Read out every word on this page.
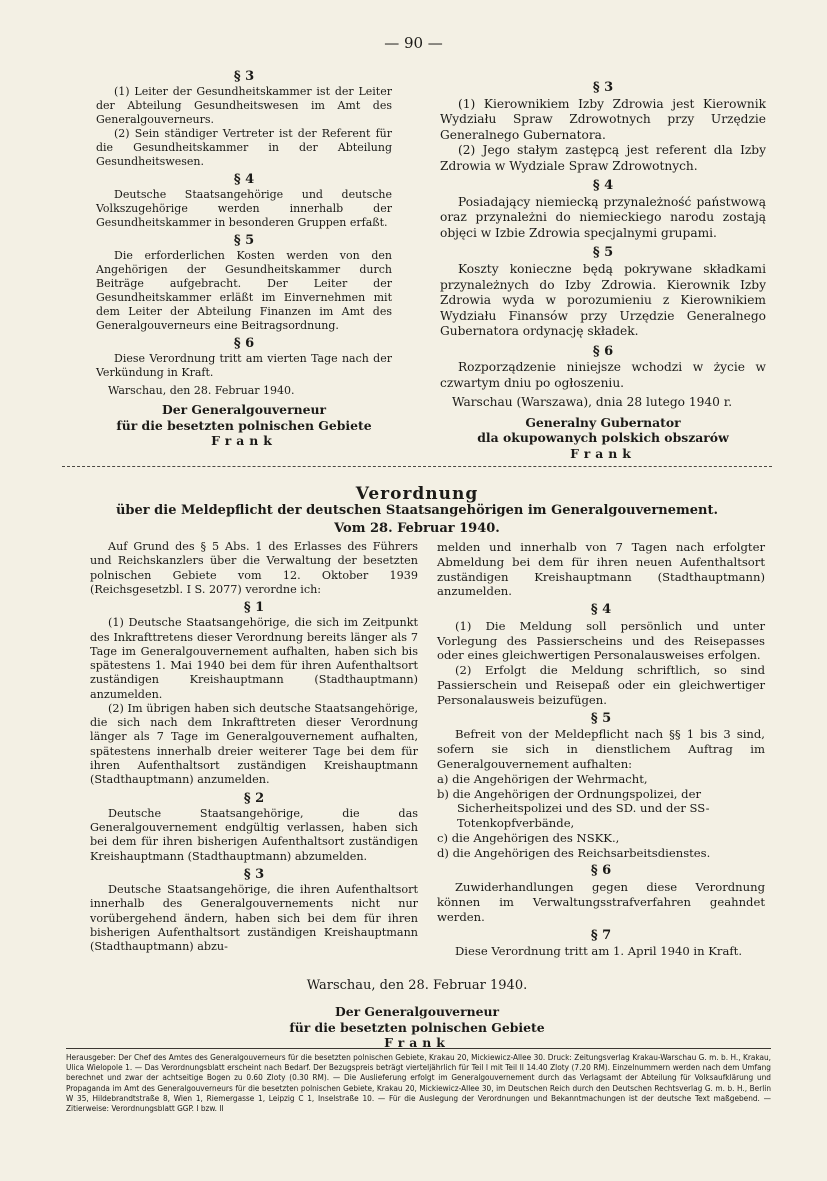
— 90 —
§ 3

(1) Leiter der Gesundheitskammer ist der Leiter der Abteilung Gesundheitswesen im Amt des Generalgouverneurs.

(2) Sein ständiger Vertreter ist der Referent für die Gesundheitskammer in der Abteilung Gesundheitswesen.

§ 4

Deutsche Staatsangehörige und deutsche Volkszugehörige werden innerhalb der Gesundheitskammer in besonderen Gruppen erfaßt.

§ 5

Die erforderlichen Kosten werden von den Angehörigen der Gesundheitskammer durch Beiträge aufgebracht. Der Leiter der Gesundheitskammer erläßt im Einvernehmen mit dem Leiter der Abteilung Finanzen im Amt des Generalgouverneurs eine Beitragsordnung.

§ 6

Diese Verordnung tritt am vierten Tage nach der Verkündung in Kraft.

Warschau, den 28. Februar 1940.

Der Generalgouverneur
für die besetzten polnischen Gebiete
Frank
§ 3

(1) Kierownikiem Izby Zdrowia jest Kierownik Wydziału Spraw Zdrowotnych przy Urzędzie Generalnego Gubernatora.

(2) Jego stałym zastępcą jest referent dla Izby Zdrowia w Wydziale Spraw Zdrowotnych.

§ 4

Posiadający niemiecką przynależność państwową oraz przynależni do niemieckiego narodu zostają objęci w Izbie Zdrowia specjalnymi grupami.

§ 5

Koszty konieczne będą pokrywane składkami przynależnych do Izby Zdrowia. Kierownik Izby Zdrowia wyda w porozumieniu z Kierownikiem Wydziału Finansów przy Urzędzie Generalnego Gubernatora ordynację składek.

§ 6

Rozporządzenie niniejsze wchodzi w życie w czwartym dniu po ogłoszeniu.

Warschau (Warszawa), dnia 28 lutego 1940 r.

Generalny Gubernator
dla okupowanych polskich obszarów
Frank
Verordnung
über die Meldepflicht der deutschen Staatsangehörigen im Generalgouvernement.
Vom 28. Februar 1940.

Auf Grund des § 5 Abs. 1 des Erlasses des Führers und Reichskanzlers über die Verwaltung der besetzten polnischen Gebiete vom 12. Oktober 1939 (Reichsgesetzbl. I S. 2077) verordne ich:

§ 1

(1) Deutsche Staatsangehörige, die sich im Zeitpunkt des Inkrafttretens dieser Verordnung bereits länger als 7 Tage im Generalgouvernement aufhalten, haben sich bis spätestens 1. Mai 1940 bei dem für ihren Aufenthaltsort zuständigen Kreishauptmann (Stadthauptmann) anzumelden.

(2) Im übrigen haben sich deutsche Staatsangehörige, die sich nach dem Inkrafttreten dieser Verordnung länger als 7 Tage im Generalgouvernement aufhalten, spätestens innerhalb dreier weiterer Tage bei dem für ihren Aufenthaltsort zuständigen Kreishauptmann (Stadthauptmann) anzumelden.

§ 2

Deutsche Staatsangehörige, die das Generalgouvernement endgültig verlassen, haben sich bei dem für ihren bisherigen Aufenthaltsort zuständigen Kreishauptmann (Stadthauptmann) abzumelden.

§ 3

Deutsche Staatsangehörige, die ihren Aufenthaltsort innerhalb des Generalgouvernements nicht nur vorübergehend ändern, haben sich bei dem für ihren bisherigen Aufenthaltsort zuständigen Kreishauptmann (Stadthauptmann) abzu-

melden und innerhalb von 7 Tagen nach erfolgter Abmeldung bei dem für ihren neuen Aufenthaltsort zuständigen Kreishauptmann (Stadthauptmann) anzumelden.

§ 4

(1) Die Meldung soll persönlich und unter Vorlegung des Passierscheins und des Reisepasses oder eines gleichwertigen Personalausweises erfolgen.

(2) Erfolgt die Meldung schriftlich, so sind Passierschein und Reisepaß oder ein gleichwertiger Personalausweis beizufügen.

§ 5

Befreit von der Meldepflicht nach §§ 1 bis 3 sind, sofern sie sich in dienstlichem Auftrag im Generalgouvernement aufhalten:

a) die Angehörigen der Wehrmacht,
b) die Angehörigen der Ordnungspolizei, der Sicherheitspolizei und des SD. und der SS-Totenkopfverbände,
c) die Angehörigen des NSKK.,
d) die Angehörigen des Reichsarbeitsdienstes.
§ 6

Zuwiderhandlungen gegen diese Verordnung können im Verwaltungsstrafverfahren geahndet werden.

§ 7

Diese Verordnung tritt am 1. April 1940 in Kraft.

Warschau, den 28. Februar 1940.
Der Generalgouverneur
für die besetzten polnischen Gebiete
Frank
Herausgeber: Der Chef des Amtes des Generalgouverneurs für die besetzten polnischen Gebiete, Krakau 20, Mickiewicz-Allee 30. Druck: Zeitungsverlag Krakau-Warschau G. m. b. H., Krakau, Ulica Wielopole 1. — Das Verordnungsblatt erscheint nach Bedarf. Der Bezugspreis beträgt vierteljährlich für Teil I mit Teil II 14.40 Zloty (7.20 RM). Einzelnummern werden nach dem Umfang berechnet und zwar der achtseitige Bogen zu 0.60 Zloty (0.30 RM). — Die Auslieferung erfolgt im Generalgouvernement durch das Verlagsamt der Abteilung für Volksaufklärung und Propaganda im Amt des Generalgouverneurs für die besetzten polnischen Gebiete, Krakau 20, Mickiewicz-Allee 30, im Deutschen Reich durch den Deutschen Rechtsverlag G. m. b. H., Berlin W 35, Hildebrandtstraße 8, Wien 1, Riemergasse 1, Leipzig C 1, Inselstraße 10. — Für die Auslegung der Verordnungen und Bekanntmachungen ist der deutsche Text maßgebend. — Zitierweise: Verordnungsblatt GGP. I bzw. II
